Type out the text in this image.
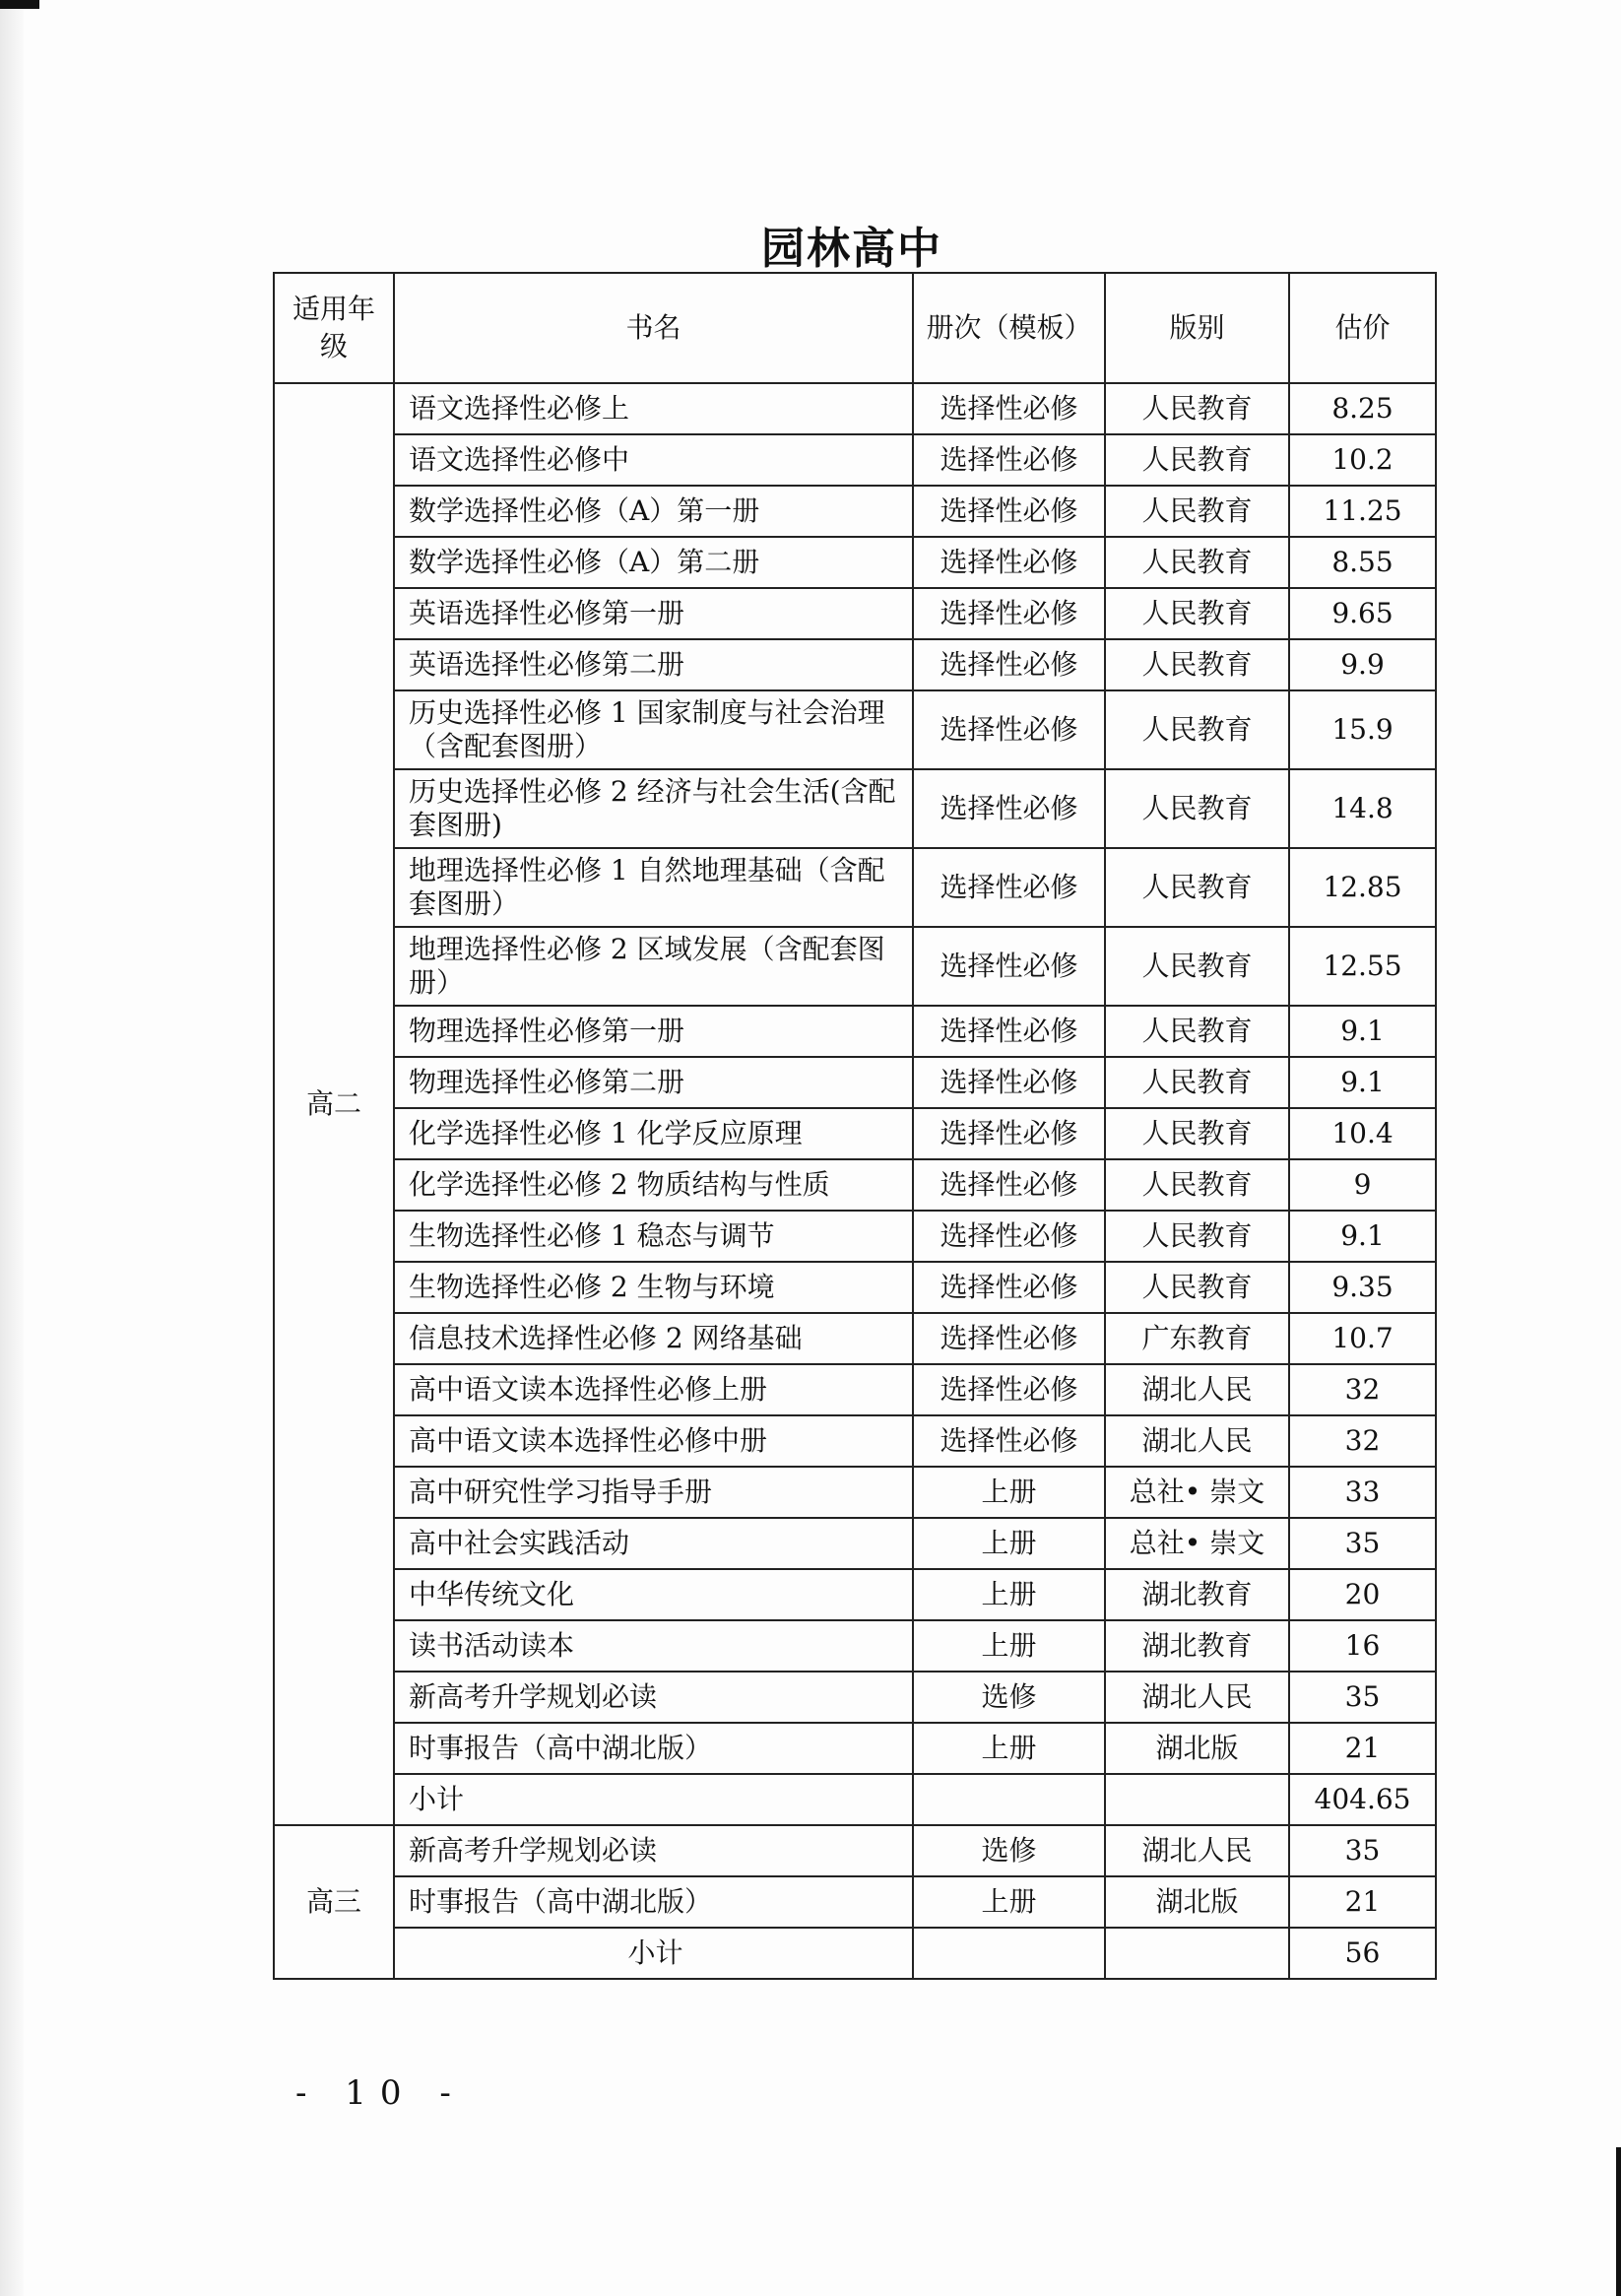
园林高中
适用年级	书名	册次（模板）	版别	估价
高二	语文选择性必修上	选择性必修	人民教育	8.25
	语文选择性必修中	选择性必修	人民教育	10.2
	数学选择性必修（A）第一册	选择性必修	人民教育	11.25
	数学选择性必修（A）第二册	选择性必修	人民教育	8.55
	英语选择性必修第一册	选择性必修	人民教育	9.65
	英语选择性必修第二册	选择性必修	人民教育	9.9
	历史选择性必修 1 国家制度与社会治理（含配套图册）	选择性必修	人民教育	15.9
	历史选择性必修 2 经济与社会生活(含配套图册)	选择性必修	人民教育	14.8
	地理选择性必修 1 自然地理基础（含配套图册）	选择性必修	人民教育	12.85
	地理选择性必修 2 区域发展（含配套图册）	选择性必修	人民教育	12.55
	物理选择性必修第一册	选择性必修	人民教育	9.1
	物理选择性必修第二册	选择性必修	人民教育	9.1
	化学选择性必修 1 化学反应原理	选择性必修	人民教育	10.4
	化学选择性必修 2 物质结构与性质	选择性必修	人民教育	9
	生物选择性必修 1 稳态与调节	选择性必修	人民教育	9.1
	生物选择性必修 2 生物与环境	选择性必修	人民教育	9.35
	信息技术选择性必修 2 网络基础	选择性必修	广东教育	10.7
	高中语文读本选择性必修上册	选择性必修	湖北人民	32
	高中语文读本选择性必修中册	选择性必修	湖北人民	32
	高中研究性学习指导手册	上册	总社• 崇文	33
	高中社会实践活动	上册	总社• 崇文	35
	中华传统文化	上册	湖北教育	20
	读书活动读本	上册	湖北教育	16
	新高考升学规划必读	选修	湖北人民	35
	时事报告（高中湖北版）	上册	湖北版	21
	小计			404.65
高三	新高考升学规划必读	选修	湖北人民	35
	时事报告（高中湖北版）	上册	湖北版	21
	小计			56
- 10 -
